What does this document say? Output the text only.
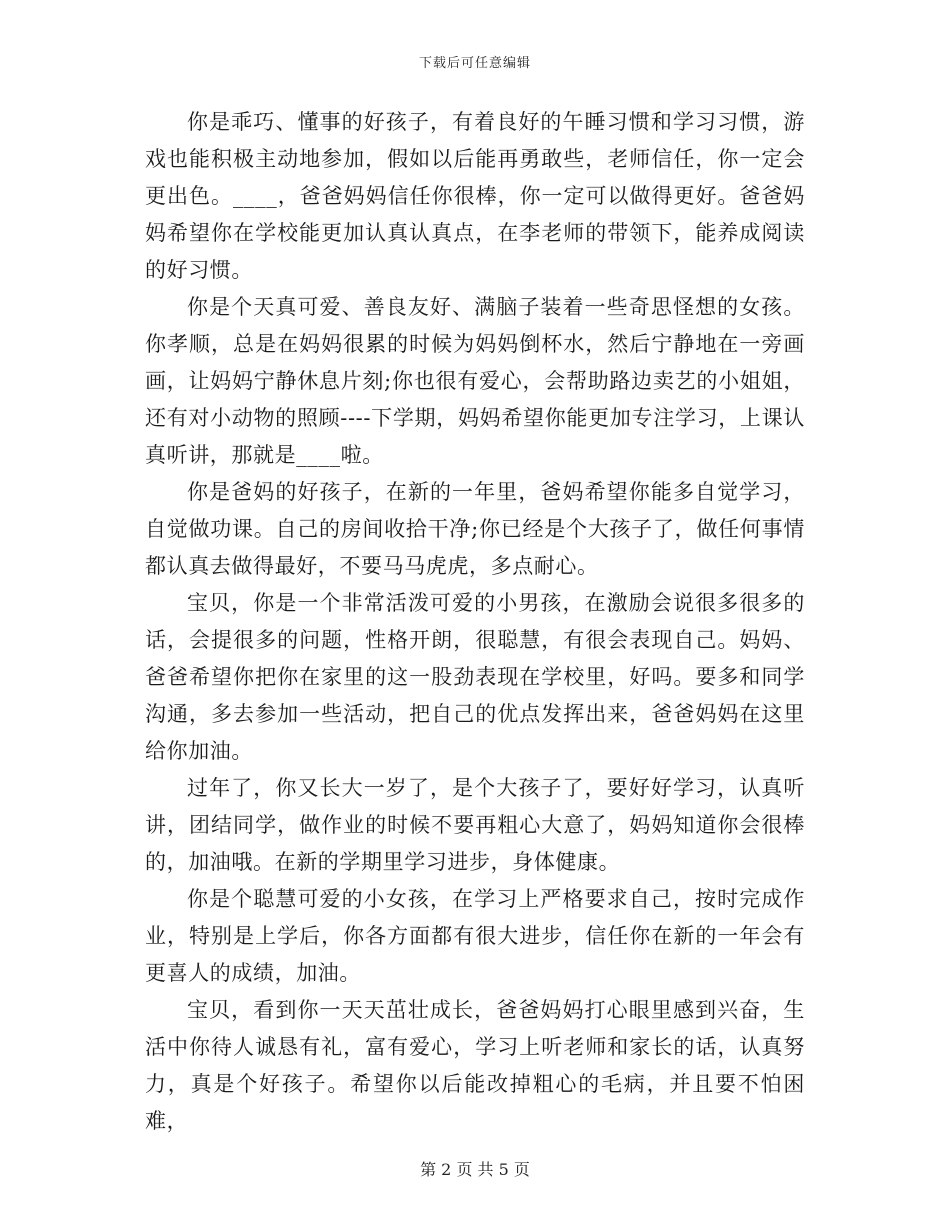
下载后可任意编辑

你是乖巧、懂事的好孩子，有着良好的午睡习惯和学习习惯，游戏也能积极主动地参加，假如以后能再勇敢些，老师信任，你一定会更出色。____，爸爸妈妈信任你很棒，你一定可以做得更好。爸爸妈妈希望你在学校能更加认真认真点，在李老师的带领下，能养成阅读的好习惯。

你是个天真可爱、善良友好、满脑子装着一些奇思怪想的女孩。你孝顺，总是在妈妈很累的时候为妈妈倒杯水，然后宁静地在一旁画画，让妈妈宁静休息片刻;你也很有爱心，会帮助路边卖艺的小姐姐，还有对小动物的照顾----下学期，妈妈希望你能更加专注学习，上课认真听讲，那就是____啦。

你是爸妈的好孩子，在新的一年里，爸妈希望你能多自觉学习，自觉做功课。自己的房间收拾干净;你已经是个大孩子了，做任何事情都认真去做得最好，不要马马虎虎，多点耐心。

宝贝，你是一个非常活泼可爱的小男孩，在激励会说很多很多的话，会提很多的问题，性格开朗，很聪慧，有很会表现自己。妈妈、爸爸希望你把你在家里的这一股劲表现在学校里，好吗。要多和同学沟通，多去参加一些活动，把自己的优点发挥出来，爸爸妈妈在这里给你加油。

过年了，你又长大一岁了，是个大孩子了，要好好学习，认真听讲，团结同学，做作业的时候不要再粗心大意了，妈妈知道你会很棒的，加油哦。在新的学期里学习进步，身体健康。

你是个聪慧可爱的小女孩，在学习上严格要求自己，按时完成作业，特别是上学后，你各方面都有很大进步，信任你在新的一年会有更喜人的成绩，加油。

宝贝，看到你一天天茁壮成长，爸爸妈妈打心眼里感到兴奋，生活中你待人诚恳有礼，富有爱心，学习上听老师和家长的话，认真努力，真是个好孩子。希望你以后能改掉粗心的毛病，并且要不怕困难，

第 2 页 共 5 页
